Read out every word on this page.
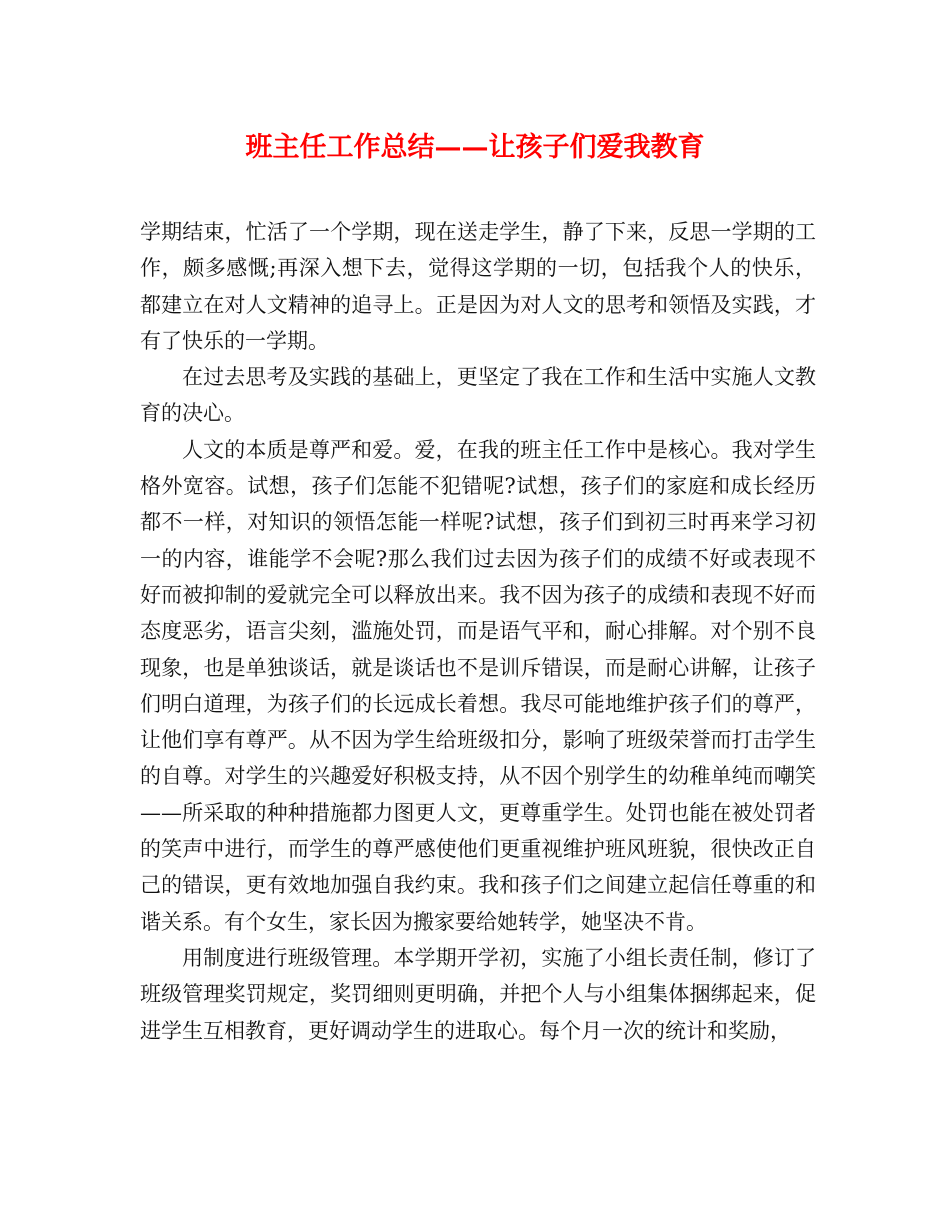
班主任工作总结——让孩子们爱我教育

学期结束，忙活了一个学期，现在送走学生，静了下来，反思一学期的工作，颇多感慨;再深入想下去，觉得这学期的一切，包括我个人的快乐，都建立在对人文精神的追寻上。正是因为对人文的思考和领悟及实践，才有了快乐的一学期。

在过去思考及实践的基础上，更坚定了我在工作和生活中实施人文教育的决心。

人文的本质是尊严和爱。爱，在我的班主任工作中是核心。我对学生格外宽容。试想，孩子们怎能不犯错呢?试想，孩子们的家庭和成长经历都不一样，对知识的领悟怎能一样呢?试想，孩子们到初三时再来学习初一的内容，谁能学不会呢?那么我们过去因为孩子们的成绩不好或表现不好而被抑制的爱就完全可以释放出来。我不因为孩子的成绩和表现不好而态度恶劣，语言尖刻，滥施处罚，而是语气平和，耐心排解。对个别不良现象，也是单独谈话，就是谈话也不是训斥错误，而是耐心讲解，让孩子们明白道理，为孩子们的长远成长着想。我尽可能地维护孩子们的尊严，让他们享有尊严。从不因为学生给班级扣分，影响了班级荣誉而打击学生的自尊。对学生的兴趣爱好积极支持，从不因个别学生的幼稚单纯而嘲笑——所采取的种种措施都力图更人文，更尊重学生。处罚也能在被处罚者的笑声中进行，而学生的尊严感使他们更重视维护班风班貌，很快改正自己的错误，更有效地加强自我约束。我和孩子们之间建立起信任尊重的和谐关系。有个女生，家长因为搬家要给她转学，她坚决不肯。

用制度进行班级管理。本学期开学初，实施了小组长责任制，修订了班级管理奖罚规定，奖罚细则更明确，并把个人与小组集体捆绑起来，促进学生互相教育，更好调动学生的进取心。每个月一次的统计和奖励，
